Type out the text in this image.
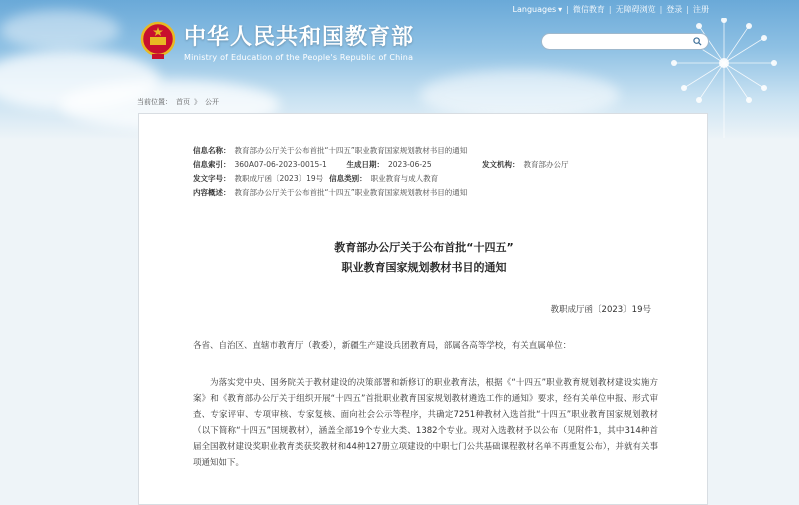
Languages ▾ | 微信教育 | 无障碍浏览 | 登录 | 注册
中华人民共和国教育部
Ministry of Education of the People's Republic of China
当前位置： 首页 》 公开
信息名称： 教育部办公厅关于公布首批“十四五”职业教育国家规划教材书目的通知
信息索引： 360A07-06-2023-0015-1	生成日期： 2023-06-25	发文机构： 教育部办公厅
发文字号： 教职成厅函〔2023〕19号 信息类别： 职业教育与成人教育
内容概述： 教育部办公厅关于公布首批“十四五”职业教育国家规划教材书目的通知
教育部办公厅关于公布首批“十四五”
职业教育国家规划教材书目的通知
教职成厅函〔2023〕19号
各省、自治区、直辖市教育厅（教委），新疆生产建设兵团教育局，部属各高等学校，有关直属单位：
为落实党中央、国务院关于教材建设的决策部署和新修订的职业教育法，根据《“十四五”职业教育规划教材建设实施方案》和《教育部办公厅关于组织开展“十四五”首批职业教育国家规划教材遴选工作的通知》要求，经有关单位申报、形式审查、专家评审、专项审核、专家复核、面向社会公示等程序，共确定7251种教材入选首批“十四五”职业教育国家规划教材（以下简称“十四五”国规教材），涵盖全部19个专业大类、1382个专业。现对入选教材予以公布（见附件1，其中314种首届全国教材建设奖职业教育类获奖教材和44种127册立项建设的中职七门公共基础课程教材名单不再重复公布），并就有关事项通知如下。
